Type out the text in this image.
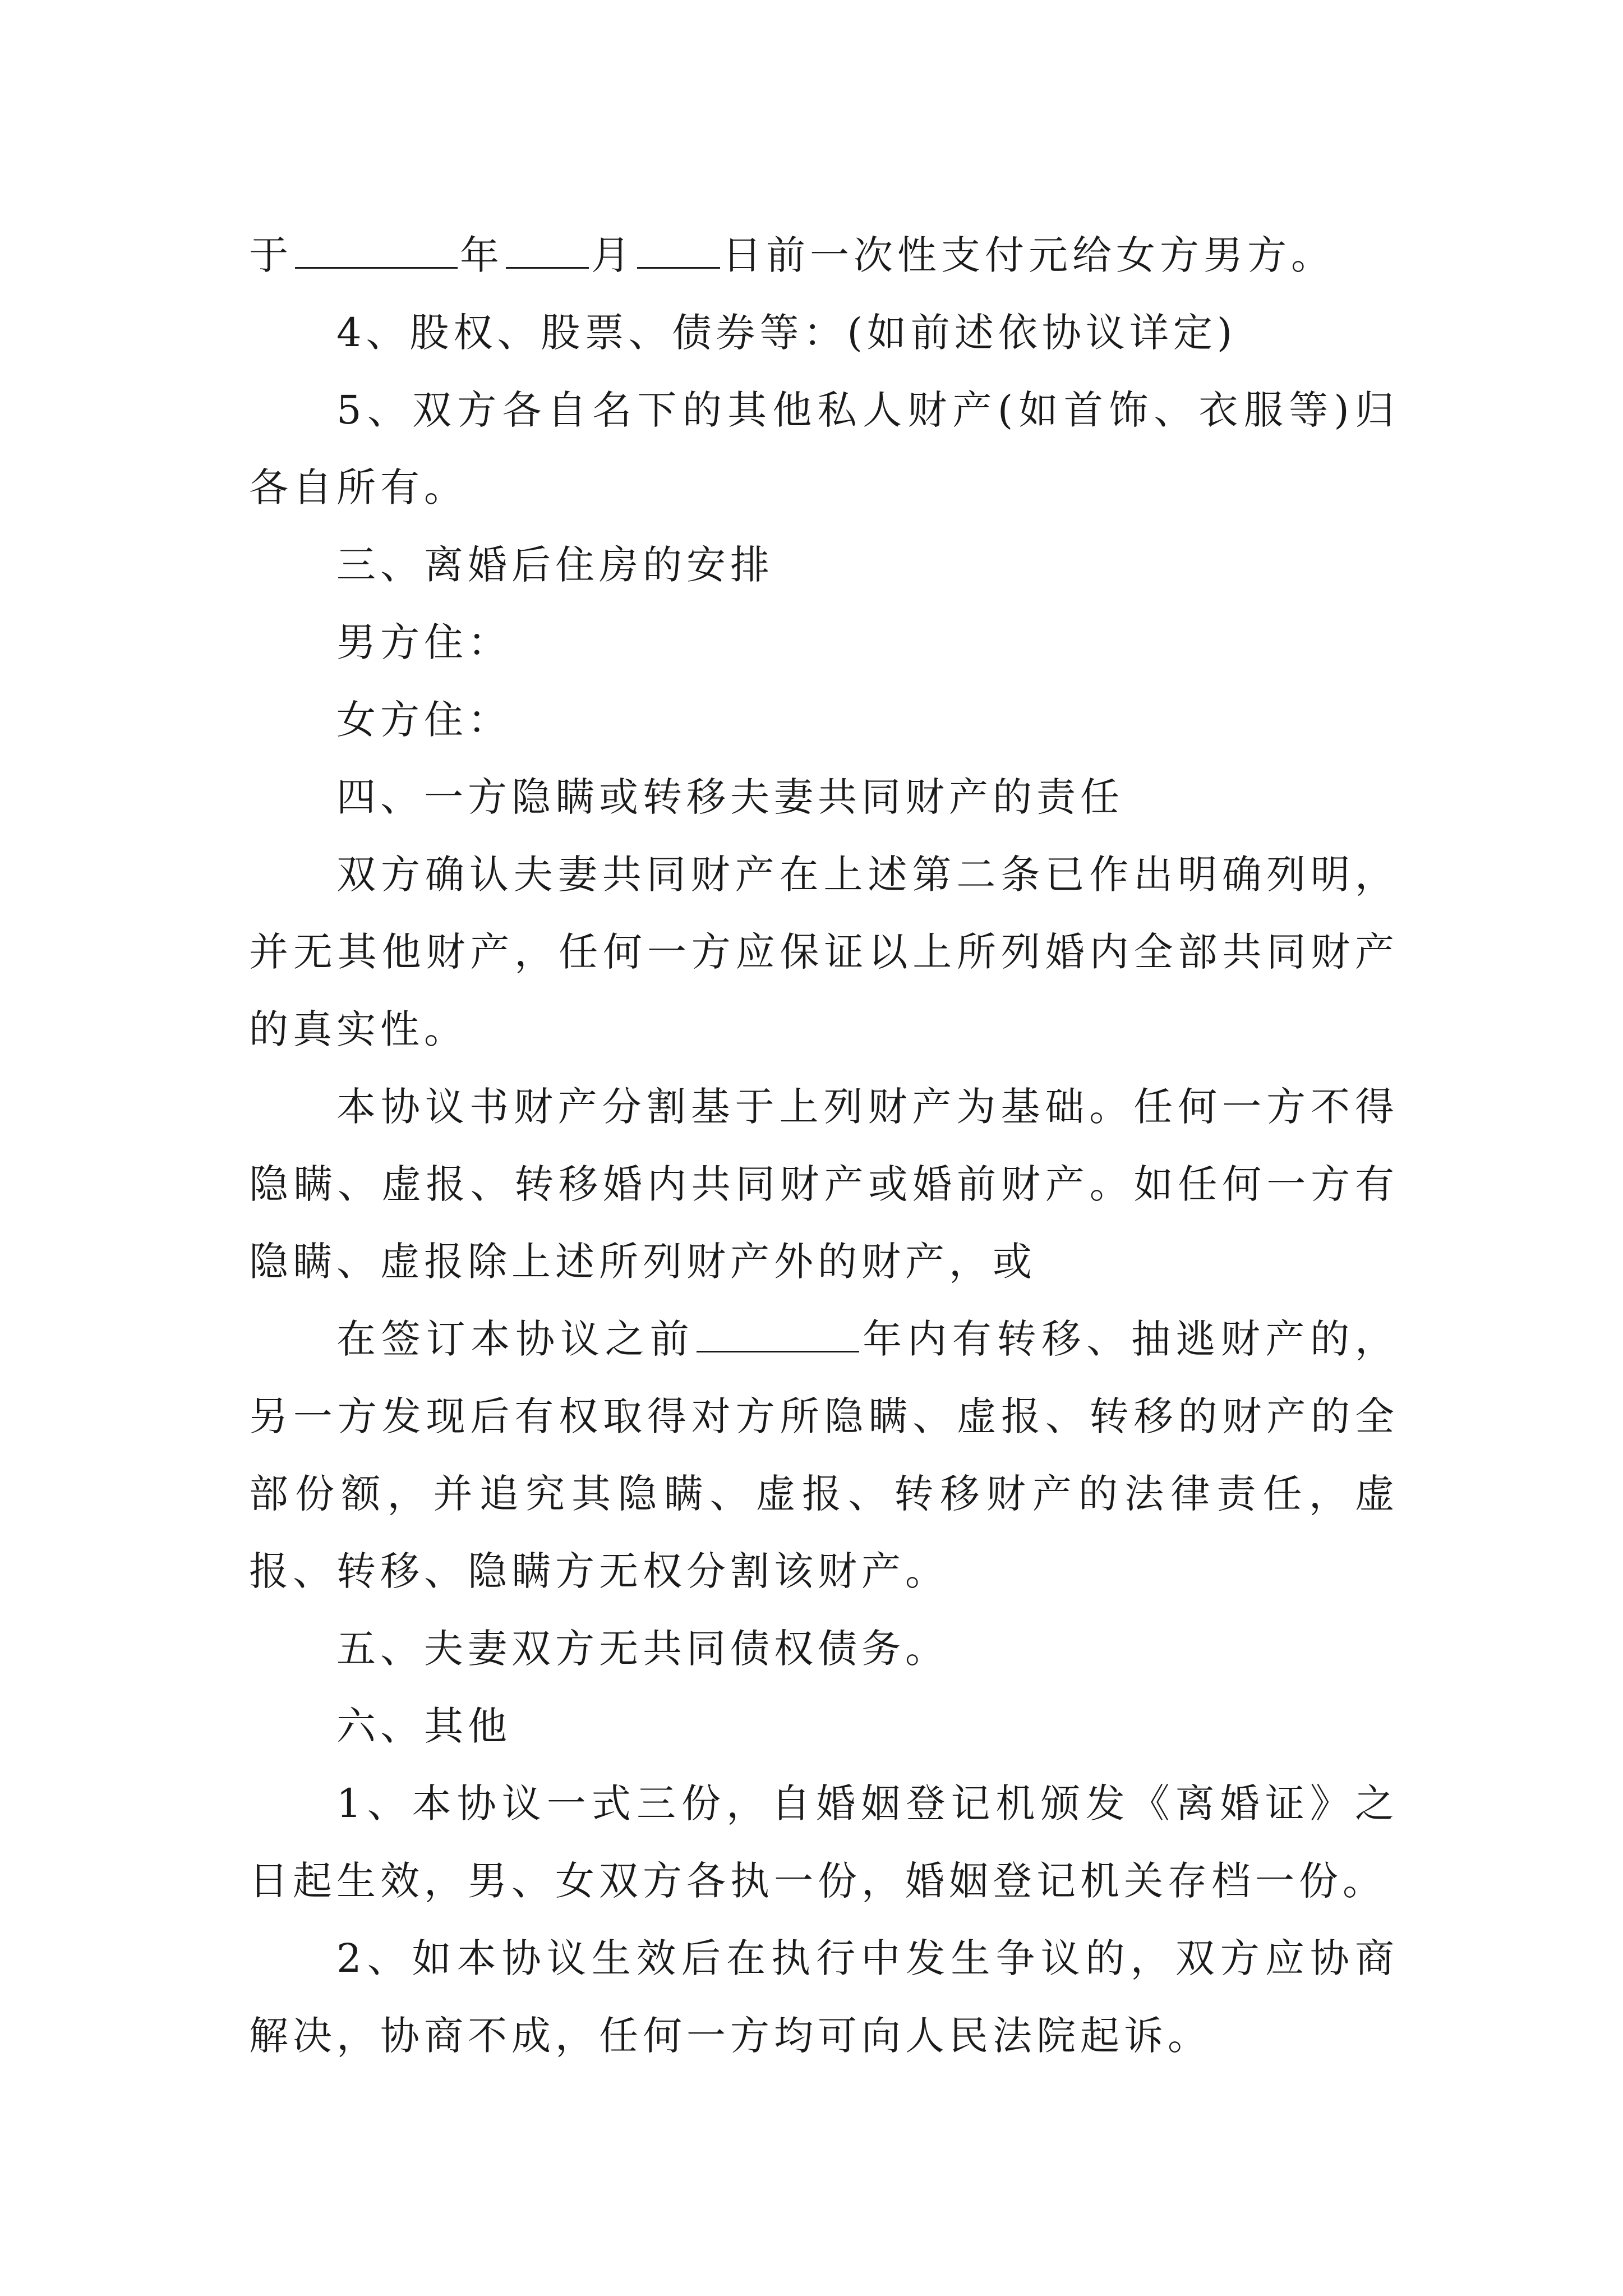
于	年 月 日前一次性支付元给女方男方。

4、股权、股票、债券等：(如前述依协议详定)

5、双方各自名下的其他私人财产(如首饰、衣服等)归各自所有。

三、离婚后住房的安排

男方住：

女方住：

四、一方隐瞒或转移夫妻共同财产的责任

双方确认夫妻共同财产在上述第二条已作出明确列明，并无其他财产，任何一方应保证以上所列婚内全部共同财产的真实性。

本协议书财产分割基于上列财产为基础。任何一方不得隐瞒、虚报、转移婚内共同财产或婚前财产。如任何一方有隐瞒、虚报除上述所列财产外的财产，或

在签订本协议之前	年内有转移、抽逃财产的，另一方发现后有权取得对方所隐瞒、虚报、转移的财产的全部份额，并追究其隐瞒、虚报、转移财产的法律责任，虚报、转移、隐瞒方无权分割该财产。

五、夫妻双方无共同债权债务。

六、其他

1、本协议一式三份，自婚姻登记机颁发《离婚证》之日起生效，男、女双方各执一份，婚姻登记机关存档一份。

2、如本协议生效后在执行中发生争议的，双方应协商解决，协商不成，任何一方均可向人民法院起诉。
